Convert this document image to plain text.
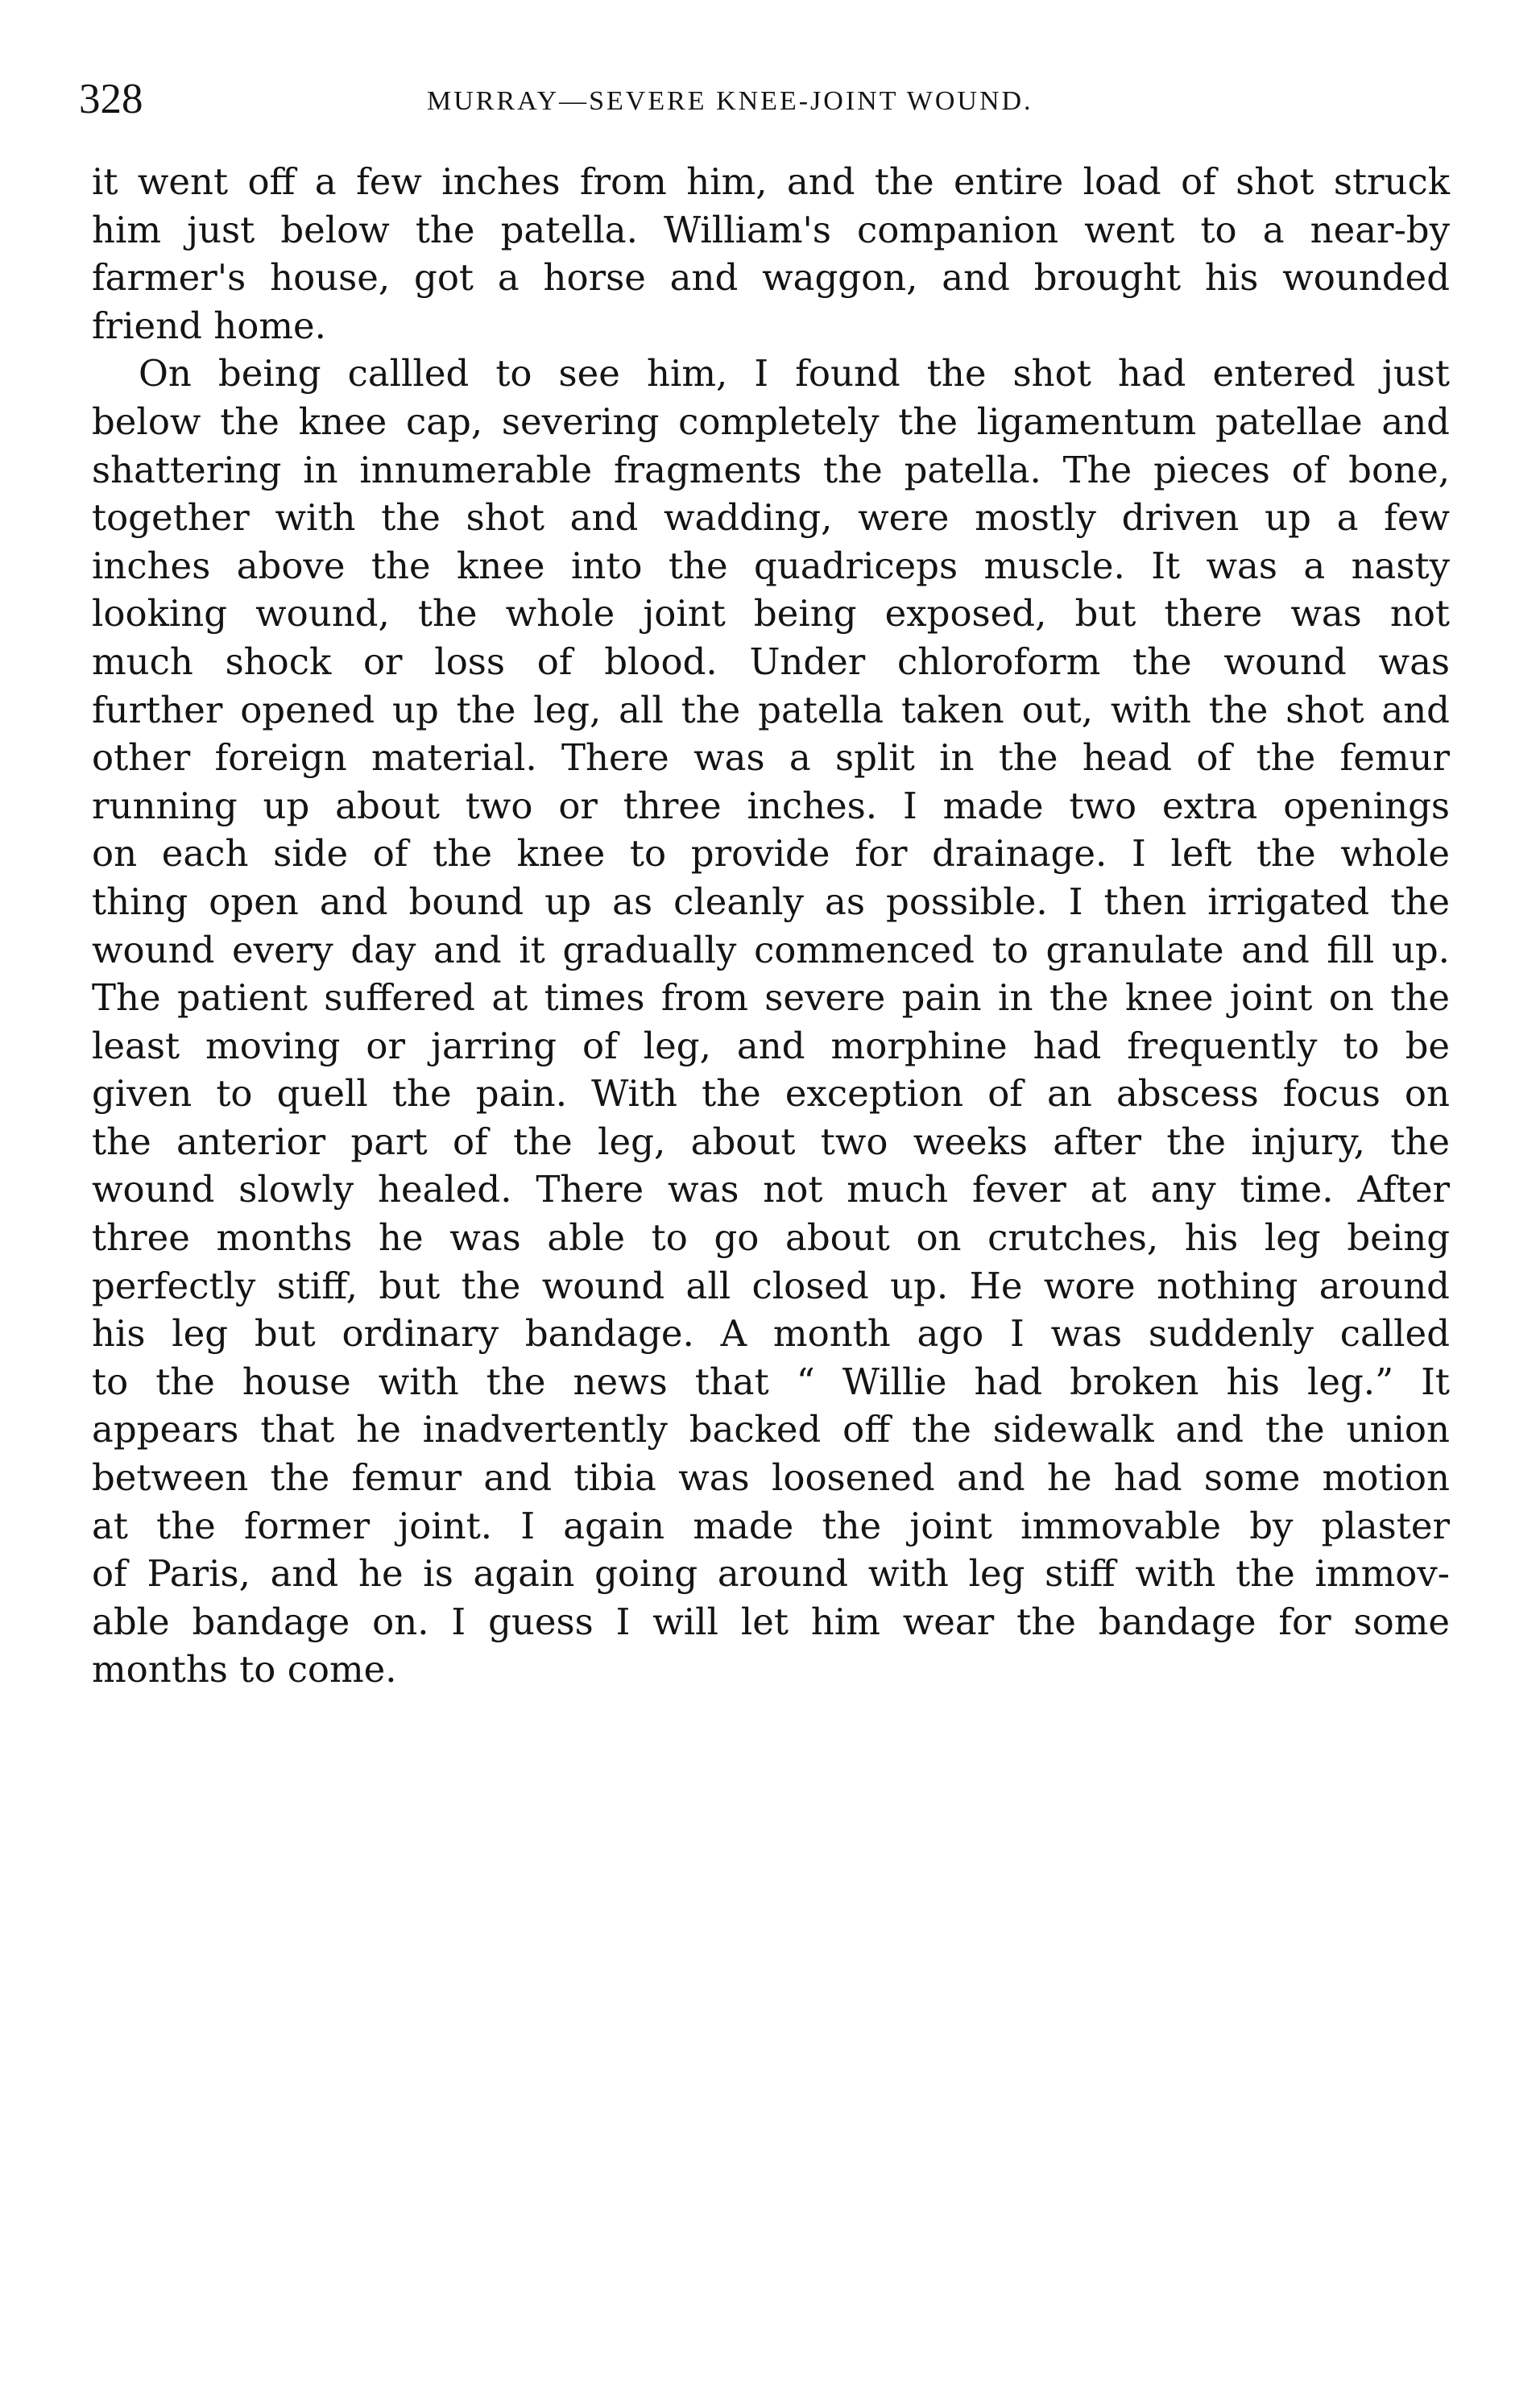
328	MURRAY—SEVERE KNEE-JOINT WOUND.
it went off a few inches from him, and the entire load of shot struck
him just below the patella. William's companion went to a near-by
farmer's house, got a horse and waggon, and brought his wounded
friend home.
On being callled to see him, I found the shot had entered just
below the knee cap, severing completely the ligamentum patellae and
shattering in innumerable fragments the patella. The pieces of bone,
together with the shot and wadding, were mostly driven up a few
inches above the knee into the quadriceps muscle. It was a nasty
looking wound, the whole joint being exposed, but there was not
much shock or loss of blood. Under chloroform the wound was
further opened up the leg, all the patella taken out, with the shot and
other foreign material. There was a split in the head of the femur
running up about two or three inches. I made two extra openings
on each side of the knee to provide for drainage. I left the whole
thing open and bound up as cleanly as possible. I then irrigated the
wound every day and it gradually commenced to granulate and fill up.
The patient suffered at times from severe pain in the knee joint on the
least moving or jarring of leg, and morphine had frequently to be
given to quell the pain. With the exception of an abscess focus on
the anterior part of the leg, about two weeks after the injury, the
wound slowly healed. There was not much fever at any time. After
three months he was able to go about on crutches, his leg being
perfectly stiff, but the wound all closed up. He wore nothing around
his leg but ordinary bandage. A month ago I was suddenly called
to the house with the news that “ Willie had broken his leg.” It
appears that he inadvertently backed off the sidewalk and the union
between the femur and tibia was loosened and he had some motion
at the former joint. I again made the joint immovable by plaster
of Paris, and he is again going around with leg stiff with the immov-
able bandage on. I guess I will let him wear the bandage for some
months to come.
